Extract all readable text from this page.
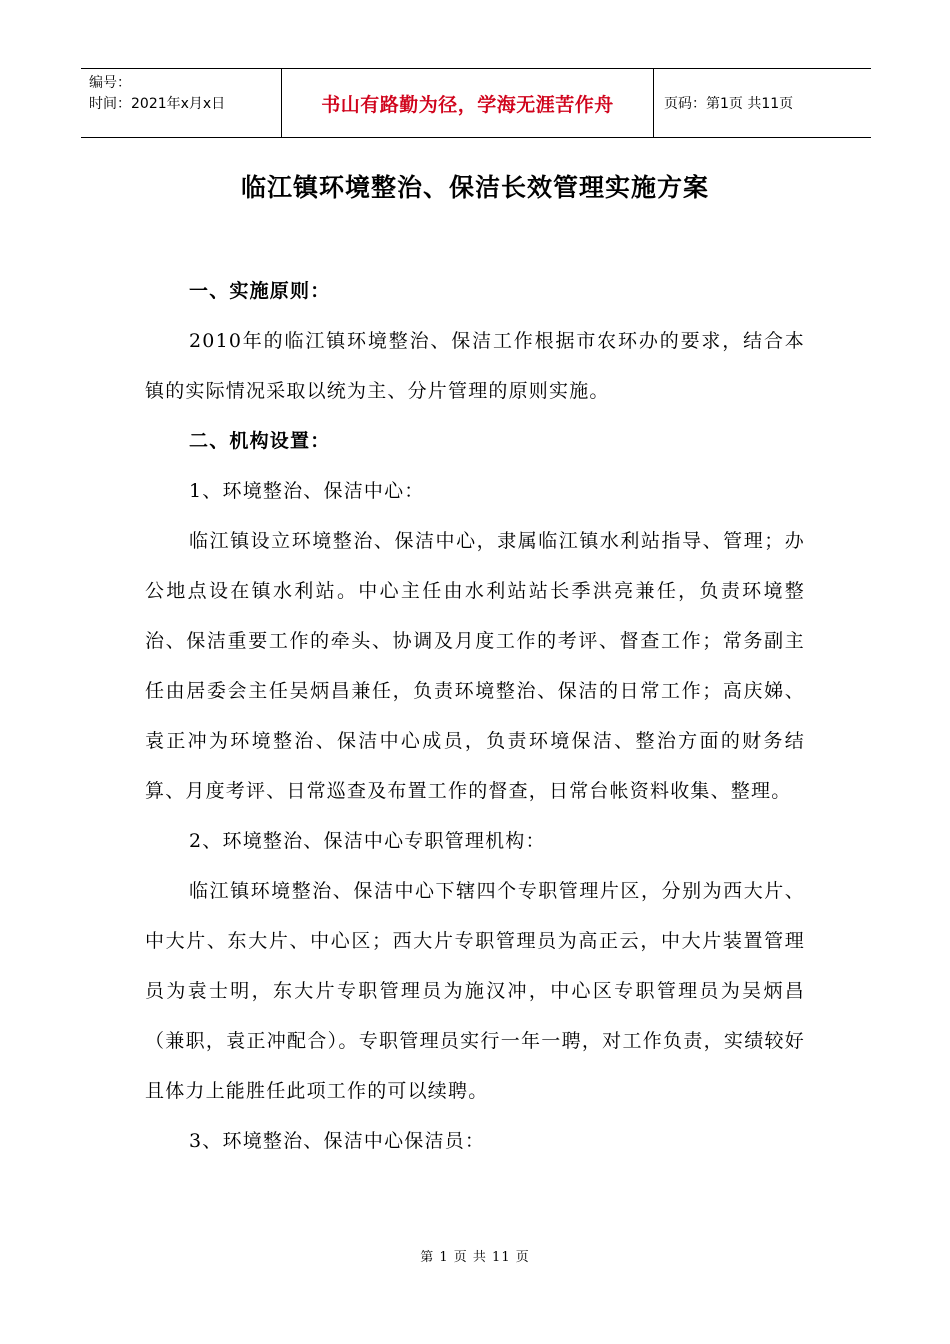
编号：
时间：2021年x月x日	书山有路勤为径，学海无涯苦作舟	页码：第1页 共11页
临江镇环境整治、保洁长效管理实施方案

一、实施原则：

2010年的临江镇环境整治、保洁工作根据市农环办的要求，结合本镇的实际情况采取以统为主、分片管理的原则实施。

二、机构设置：

1、环境整治、保洁中心：

临江镇设立环境整治、保洁中心，隶属临江镇水利站指导、管理；办公地点设在镇水利站。中心主任由水利站站长季洪亮兼任，负责环境整治、保洁重要工作的牵头、协调及月度工作的考评、督查工作；常务副主任由居委会主任吴炳昌兼任，负责环境整治、保洁的日常工作；高庆娣、袁正冲为环境整治、保洁中心成员，负责环境保洁、整治方面的财务结算、月度考评、日常巡查及布置工作的督查，日常台帐资料收集、整理。

2、环境整治、保洁中心专职管理机构：

临江镇环境整治、保洁中心下辖四个专职管理片区，分别为西大片、中大片、东大片、中心区；西大片专职管理员为高正云，中大片装置管理员为袁士明，东大片专职管理员为施汉冲，中心区专职管理员为吴炳昌（兼职，袁正冲配合）。专职管理员实行一年一聘，对工作负责，实绩较好且体力上能胜任此项工作的可以续聘。

3、环境整治、保洁中心保洁员：

第 1 页 共 11 页
